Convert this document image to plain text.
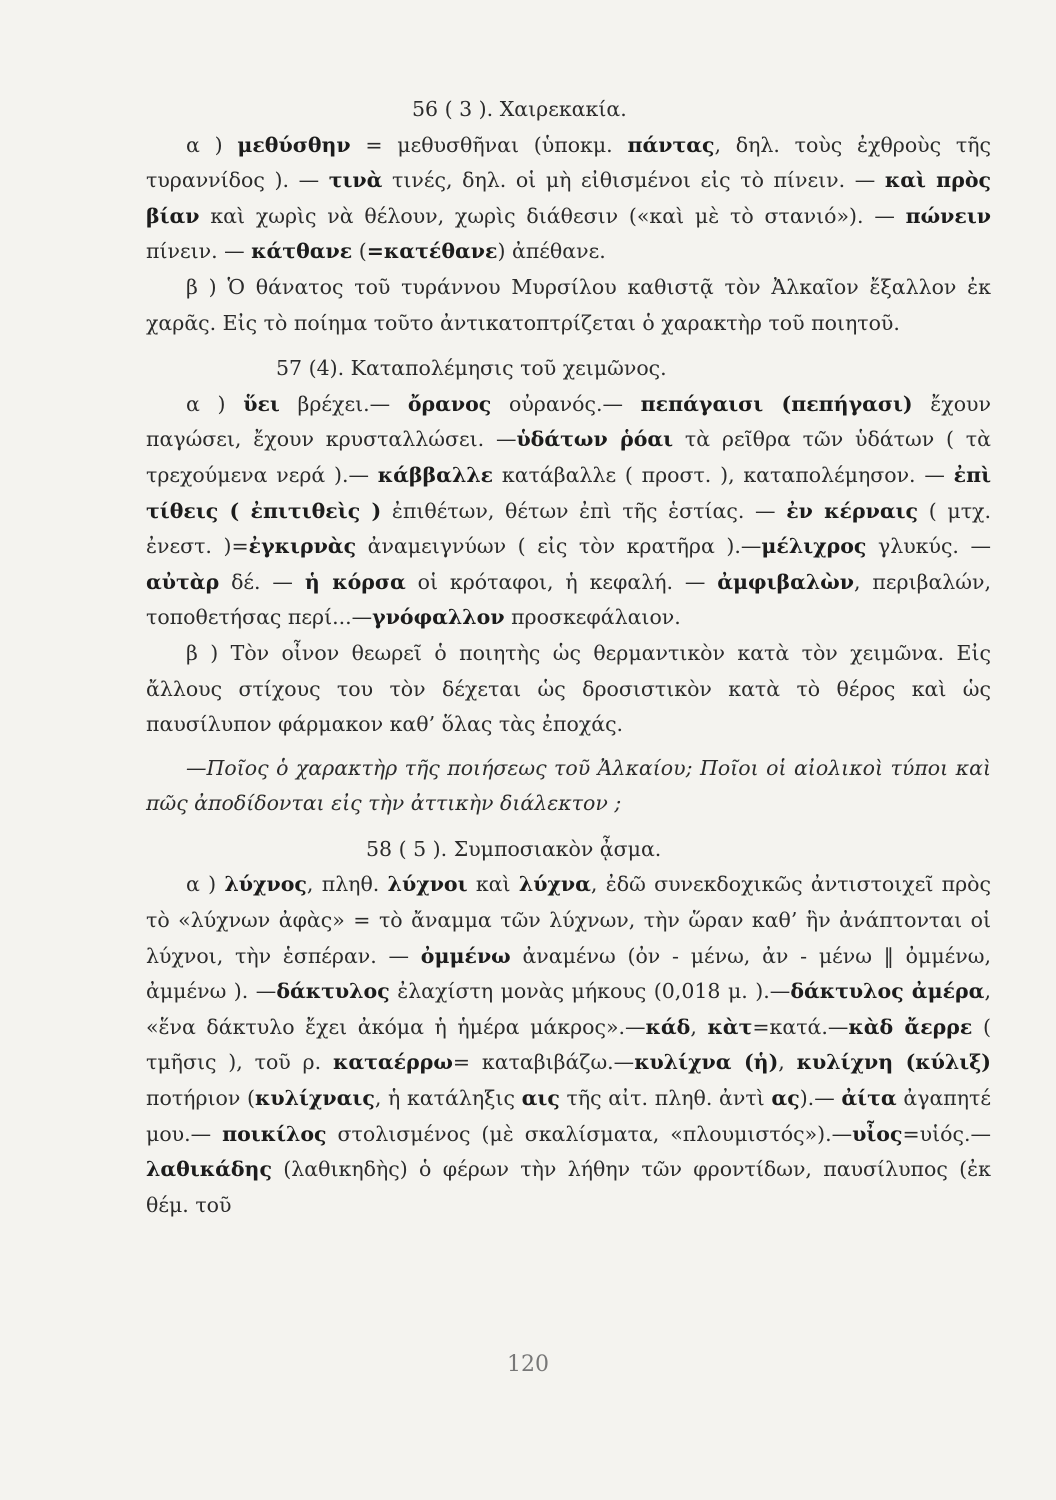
56 ( 3 ). Χαιρεκακία.
α ) μεθύσθην = μεθυσθῆναι (ὑποκμ. πάντας, δηλ. τοὺς ἐχθροὺς τῆς τυραννίδος ). — τινὰ τινές, δηλ. οἱ μὴ εἰθισμένοι εἰς τὸ πίνειν. — καὶ πρὸς βίαν καὶ χωρὶς νὰ θέλουν, χωρὶς διάθεσιν («καὶ μὲ τὸ στανιό»). — πώνειν πίνειν. — κάτθανε (=κατέθανε) ἀπέθανε.
β ) Ὁ θάνατος τοῦ τυράννου Μυρσίλου καθιστᾷ τὸν Ἀλκαῖον ἔξαλλον ἐκ χαρᾶς. Εἰς τὸ ποίημα τοῦτο ἀντικατοπτρίζεται ὁ χαρακτὴρ τοῦ ποιητοῦ.
57 (4). Καταπολέμησις τοῦ χειμῶνος.
α ) ὕει βρέχει.— ὄρανος οὐρανός.— πεπάγαισι (πεπήγασι) ἔχουν παγώσει, ἔχουν κρυσταλλώσει. —ὑδάτων ῥόαι τὰ ρεῖθρα τῶν ὑδάτων ( τὰ τρεχούμενα νερά ).— κάββαλλε κατάβαλλε ( προστ. ), καταπολέμησον. — ἐπὶ τίθεις ( ἐπιτιθεὶς ) ἐπιθέτων, θέτων ἐπὶ τῆς ἑστίας. — ἐν κέρναις ( μτχ. ἐνεστ. )=ἐγκιρνὰς ἀναμειγνύων ( εἰς τὸν κρατῆρα ).—μέλιχρος γλυκύς. — αὐτὰρ δέ. — ἡ κόρσα οἱ κρόταφοι, ἡ κεφαλή. — ἀμφιβαλὼν, περιβαλών, τοποθετήσας περί...—γνόφαλλον προσκεφάλαιον.
β ) Τὸν οἶνον θεωρεῖ ὁ ποιητὴς ὡς θερμαντικὸν κατὰ τὸν χειμῶνα. Εἰς ἄλλους στίχους του τὸν δέχεται ὡς δροσιστικὸν κατὰ τὸ θέρος καὶ ὡς παυσίλυπον φάρμακον καθ’ ὅλας τὰς ἐποχάς.
—Ποῖος ὁ χαρακτὴρ τῆς ποιήσεως τοῦ Ἀλκαίου; Ποῖοι οἱ αἰολικοὶ τύποι καὶ πῶς ἀποδίδονται εἰς τὴν ἀττικὴν διάλεκτον ;
58 ( 5 ). Συμποσιακὸν ᾆσμα.
α ) λύχνος, πληθ. λύχνοι καὶ λύχνα, ἐδῶ συνεκδοχικῶς ἀντιστοιχεῖ πρὸς τὸ «λύχνων ἀφὰς» = τὸ ἄναμμα τῶν λύχνων, τὴν ὥραν καθ’ ἣν ἀνάπτονται οἱ λύχνοι, τὴν ἑσπέραν. — ὀμμένω ἀναμένω (ὀν - μένω, ἀν - μένω ‖ ὀμμένω, ἀμμένω ). —δάκτυλος ἐλαχίστη μονὰς μήκους (0,018 μ. ).—δάκτυλος ἀμέρα, «ἕνα δάκτυλο ἔχει ἀκόμα ἡ ἡμέρα μάκρος».—κάδ, κὰτ=κατά.—κὰδ ἄερρε ( τμῆσις ), τοῦ ρ. καταέρρω= καταβιβάζω.—κυλίχνα (ἡ), κυλίχνη (κύλιξ) ποτήριον (κυλίχναις, ἡ κατάληξις αις τῆς αἰτ. πληθ. ἀντὶ ας).— ἀίτα ἀγαπητέ μου.— ποικίλος στολισμένος (μὲ σκαλίσματα, «πλουμιστός»).—υἶος=υἱός.—λαθικάδης (λαθικηδὴς) ὁ φέρων τὴν λήθην τῶν φροντίδων, παυσίλυπος (ἐκ θέμ. τοῦ
120
